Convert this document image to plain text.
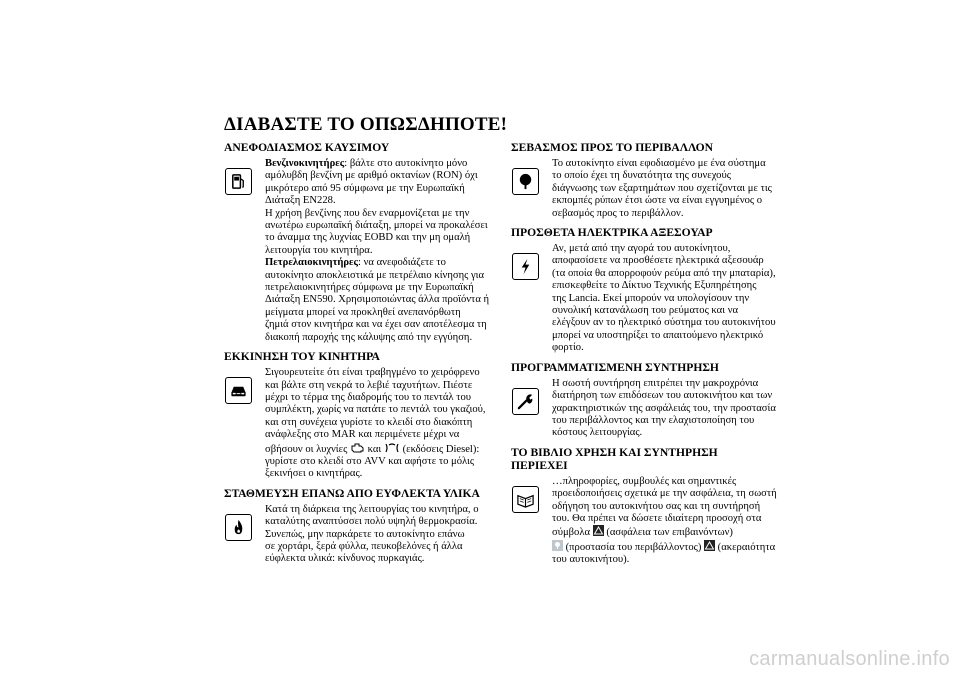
ΔΙΑΒΑΣΤΕ ΤΟ ΟΠΩΣΔΗΠΟΤΕ!
ΑΝΕΦΟΔΙΑΣΜΟΣ ΚΑΥΣΙΜΟΥ
Βενζινοκινητήρες: βάλτε στο αυτοκίνητο μόνο
αμόλυβδη βενζίνη με αριθμό οκτανίων (RON) όχι
μικρότερο από 95 σύμφωνα με την Ευρωπαϊκή
Διάταξη EN228.
Η χρήση βενζίνης που δεν εναρμονίζεται με την
ανωτέρω ευρωπαϊκή διάταξη, μπορεί να προκαλέσει
το άναμμα της λυχνίας EOBD και την μη ομαλή
λειτουργία του κινητήρα.
Πετρελαιοκινητήρες: να ανεφοδιάζετε το
αυτοκίνητο αποκλειστικά με πετρέλαιο κίνησης για
πετρελαιοκινητήρες σύμφωνα με την Ευρωπαϊκή
Διάταξη EN590. Χρησιμοποιώντας άλλα προϊόντα ή
μείγματα μπορεί να προκληθεί ανεπανόρθωτη
ζημιά στον κινητήρα και να έχει σαν αποτέλεσμα τη
διακοπή παροχής της κάλυψης από την εγγύηση.
ΕΚΚΙΝΗΣΗ ΤΟΥ ΚΙΝΗΤΗΡΑ
Σιγουρευτείτε ότι είναι τραβηγμένο το χειρόφρενο
και βάλτε στη νεκρά το λεβιέ ταχυτήτων. Πιέστε
μέχρι το τέρμα της διαδρομής του το πεντάλ του
συμπλέκτη, χωρίς να πατάτε το πεντάλ του γκαζιού,
και στη συνέχεια γυρίστε το κλειδί στο διακόπτη
ανάφλεξης στο MAR και περιμένετε μέχρι να
σβήσουν οι λυχνίες και (εκδόσεις Diesel):
γυρίστε στο κλειδί στο AVV και αφήστε το μόλις
ξεκινήσει ο κινητήρας.
ΣΤΑΘΜΕΥΣΗ ΕΠΑΝΩ ΑΠΟ ΕΥΦΛΕΚΤΑ ΥΛΙΚΑ
Κατά τη διάρκεια της λειτουργίας του κινητήρα, ο
καταλύτης αναπτύσσει πολύ υψηλή θερμοκρασία.
Συνεπώς, μην παρκάρετε το αυτοκίνητο επάνω
σε χορτάρι, ξερά φύλλα, πευκοβελόνες ή άλλα
εύφλεκτα υλικά: κίνδυνος πυρκαγιάς.
ΣΕΒΑΣΜΟΣ ΠΡΟΣ ΤΟ ΠΕΡΙΒΑΛΛΟΝ
Το αυτοκίνητο είναι εφοδιασμένο με ένα σύστημα
το οποίο έχει τη δυνατότητα της συνεχούς
διάγνωσης των εξαρτημάτων που σχετίζονται με τις
εκπομπές ρύπων έτσι ώστε να είναι εγγυημένος ο
σεβασμός προς το περιβάλλον.
ΠΡΟΣΘΕΤΑ ΗΛΕΚΤΡΙΚΑ ΑΞΕΣΟΥΑΡ
Αν, μετά από την αγορά του αυτοκίνητου,
αποφασίσετε να προσθέσετε ηλεκτρικά αξεσουάρ
(τα οποία θα απορροφούν ρεύμα από την μπαταρία),
επισκεφθείτε το Δίκτυο Τεχνικής Εξυπηρέτησης
της Lancia. Εκεί μπορούν να υπολογίσουν την
συνολική κατανάλωση του ρεύματος και να
ελέγξουν αν το ηλεκτρικό σύστημα του αυτοκινήτου
μπορεί να υποστηρίξει το απαιτούμενο ηλεκτρικό
φορτίο.
ΠΡΟΓΡΑΜΜΑΤΙΣΜΕΝΗ ΣΥΝΤΗΡΗΣΗ
Η σωστή συντήρηση επιτρέπει την μακροχρόνια
διατήρηση των επιδόσεων του αυτοκινήτου και των
χαρακτηριστικών της ασφάλειάς του, την προστασία
του περιβάλλοντος και την ελαχιστοποίηση του
κόστους λειτουργίας.
ΤΟ ΒΙΒΛΙΟ ΧΡΗΣΗ ΚΑΙ ΣΥΝΤΗΡΗΣΗ
ΠΕΡΙΕΧΕΙ
…πληροφορίες, συμβουλές και σημαντικές
προειδοποιήσεις σχετικά με την ασφάλεια, τη σωστή
οδήγηση του αυτοκινήτου σας και τη συντήρησή
του. Θα πρέπει να δώσετε ιδιαίτερη προσοχή στα
σύμβολα (ασφάλεια των επιβαινόντων)
(προστασία του περιβάλλοντος) (ακεραιότητα
του αυτοκινήτου).
carmanualsonline.info
